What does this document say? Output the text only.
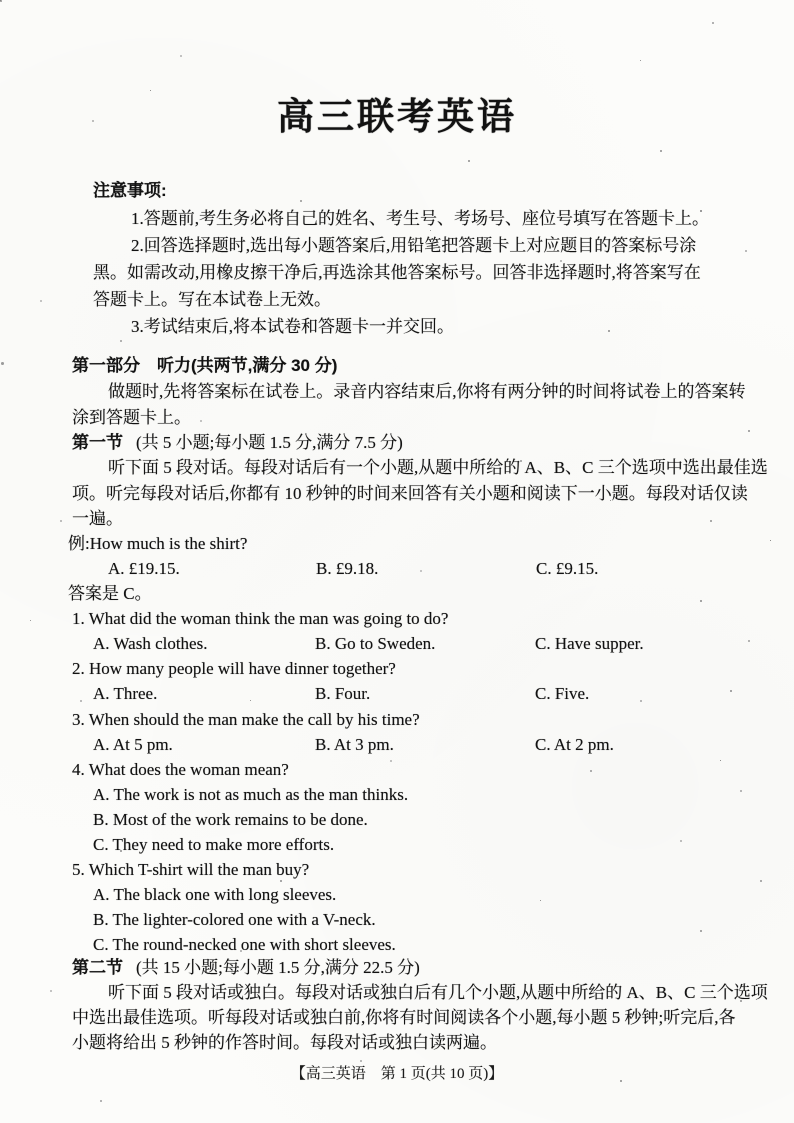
高三联考英语
注意事项:
1.答题前,考生务必将自己的姓名、考生号、考场号、座位号填写在答题卡上。
2.回答选择题时,选出每小题答案后,用铅笔把答题卡上对应题目的答案标号涂
黑。如需改动,用橡皮擦干净后,再选涂其他答案标号。回答非选择题时,将答案写在
答题卡上。写在本试卷上无效。
3.考试结束后,将本试卷和答题卡一并交回。
第一部分　听力(共两节,满分 30 分)
做题时,先将答案标在试卷上。录音内容结束后,你将有两分钟的时间将试卷上的答案转
涂到答题卡上。
第一节 (共 5 小题;每小题 1.5 分,满分 7.5 分)
听下面 5 段对话。每段对话后有一个小题,从题中所给的 A、B、C 三个选项中选出最佳选
项。听完每段对话后,你都有 10 秒钟的时间来回答有关小题和阅读下一小题。每段对话仅读
一遍。
例:How much is the shirt?
A. £19.15.	B. £9.18.	C. £9.15.
答案是 C。
1. What did the woman think the man was going to do?
A. Wash clothes.	B. Go to Sweden.	C. Have supper.
2. How many people will have dinner together?
A. Three.	B. Four.	C. Five.
3. When should the man make the call by his time?
A. At 5 pm.	B. At 3 pm.	C. At 2 pm.
4. What does the woman mean?
A. The work is not as much as the man thinks.
B. Most of the work remains to be done.
C. They need to make more efforts.
5. Which T-shirt will the man buy?
A. The black one with long sleeves.
B. The lighter-colored one with a V-neck.
C. The round-necked one with short sleeves.
第二节 (共 15 小题;每小题 1.5 分,满分 22.5 分)
听下面 5 段对话或独白。每段对话或独白后有几个小题,从题中所给的 A、B、C 三个选项
中选出最佳选项。听每段对话或独白前,你将有时间阅读各个小题,每小题 5 秒钟;听完后,各
小题将给出 5 秒钟的作答时间。每段对话或独白读两遍。
【高三英语　第 1 页(共 10 页)】
